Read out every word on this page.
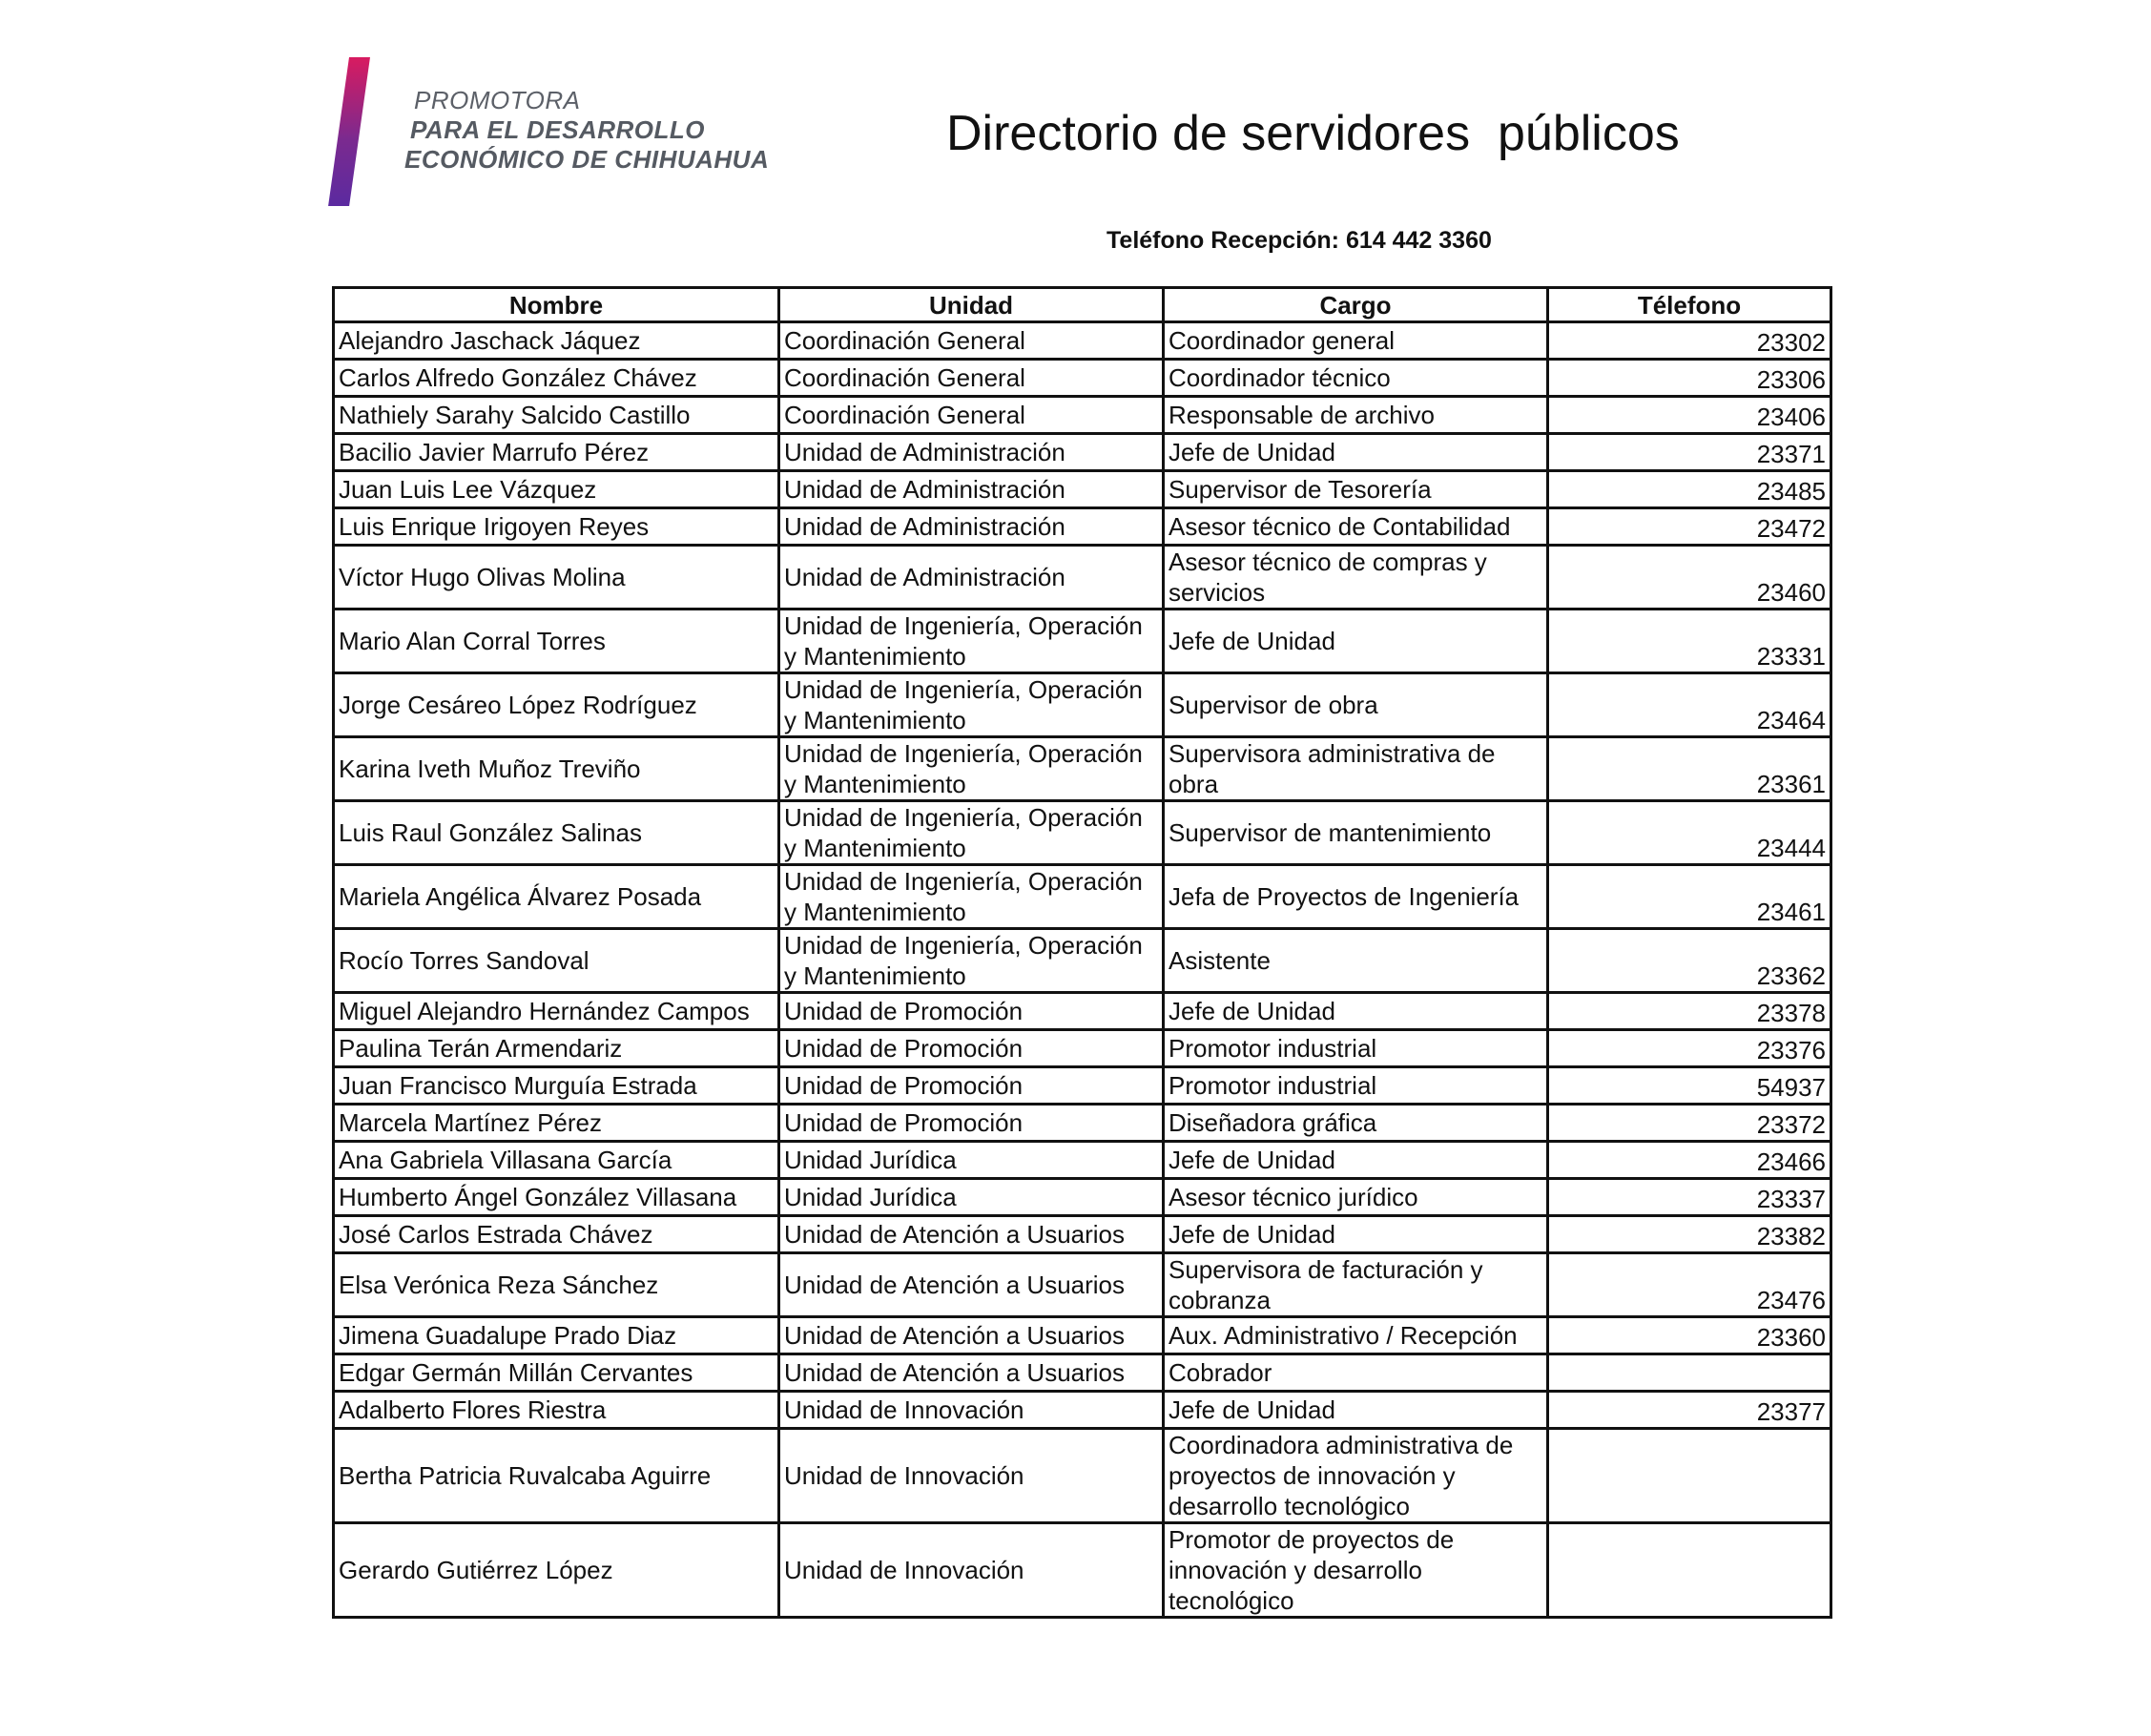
PROMOTORA
PARA EL DESARROLLO
ECONÓMICO DE CHIHUAHUA	Directorio de servidores  públicos
Teléfono Recepción: 614 442 3360
Nombre	Unidad	Cargo	Télefono
Alejandro Jaschack Jáquez	Coordinación General	Coordinador general	23302
Carlos Alfredo González Chávez	Coordinación General	Coordinador técnico	23306
Nathiely Sarahy Salcido Castillo	Coordinación General	Responsable de archivo	23406
Bacilio Javier Marrufo Pérez	Unidad de Administración	Jefe de Unidad	23371
Juan Luis Lee Vázquez	Unidad de Administración	Supervisor de Tesorería	23485
Luis Enrique Irigoyen Reyes	Unidad de Administración	Asesor técnico de Contabilidad	23472
Víctor Hugo Olivas Molina	Unidad de Administración	Asesor técnico de compras y servicios	23460
Mario Alan Corral Torres	Unidad de Ingeniería, Operación y Mantenimiento	Jefe de Unidad	23331
Jorge Cesáreo López Rodríguez	Unidad de Ingeniería, Operación y Mantenimiento	Supervisor de obra	23464
Karina Iveth Muñoz Treviño	Unidad de Ingeniería, Operación y Mantenimiento	Supervisora administrativa de obra	23361
Luis Raul González Salinas	Unidad de Ingeniería, Operación y Mantenimiento	Supervisor de mantenimiento	23444
Mariela Angélica Álvarez Posada	Unidad de Ingeniería, Operación y Mantenimiento	Jefa de Proyectos de Ingeniería	23461
Rocío Torres Sandoval	Unidad de Ingeniería, Operación y Mantenimiento	Asistente	23362
Miguel Alejandro Hernández Campos	Unidad de Promoción	Jefe de Unidad	23378
Paulina Terán Armendariz	Unidad de Promoción	Promotor industrial	23376
Juan Francisco Murguía Estrada	Unidad de Promoción	Promotor industrial	54937
Marcela Martínez Pérez	Unidad de Promoción	Diseñadora gráfica	23372
Ana Gabriela Villasana García	Unidad Jurídica	Jefe de Unidad	23466
Humberto Ángel González Villasana	Unidad Jurídica	Asesor técnico jurídico	23337
José Carlos Estrada Chávez	Unidad de Atención a Usuarios	Jefe de Unidad	23382
Elsa Verónica Reza Sánchez	Unidad de Atención a Usuarios	Supervisora de facturación y cobranza	23476
Jimena Guadalupe Prado Diaz	Unidad de Atención a Usuarios	Aux. Administrativo / Recepción	23360
Edgar Germán Millán Cervantes	Unidad de Atención a Usuarios	Cobrador	
Adalberto Flores Riestra	Unidad de Innovación	Jefe de Unidad	23377
Bertha Patricia Ruvalcaba Aguirre	Unidad de Innovación	Coordinadora administrativa de proyectos de innovación y desarrollo tecnológico	
Gerardo Gutiérrez López	Unidad de Innovación	Promotor de proyectos de innovación y desarrollo tecnológico	
